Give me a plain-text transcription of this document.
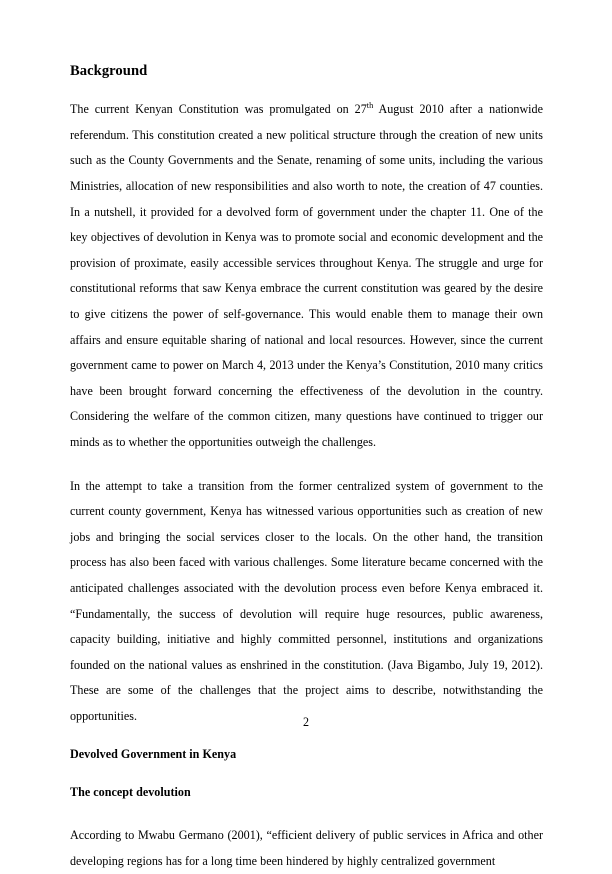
Background

The current Kenyan Constitution was promulgated on 27th August 2010 after a nationwide referendum. This constitution created a new political structure through the creation of new units such as the County Governments and the Senate, renaming of some units, including the various Ministries, allocation of new responsibilities and also worth to note, the creation of 47 counties. In a nutshell, it provided for a devolved form of government under the chapter 11. One of the key objectives of devolution in Kenya was to promote social and economic development and the provision of proximate, easily accessible services throughout Kenya. The struggle and urge for constitutional reforms that saw Kenya embrace the current constitution was geared by the desire to give citizens the power of self-governance. This would enable them to manage their own affairs and ensure equitable sharing of national and local resources. However, since the current government came to power on March 4, 2013 under the Kenya’s Constitution, 2010 many critics have been brought forward concerning the effectiveness of the devolution in the country. Considering the welfare of the common citizen, many questions have continued to trigger our minds as to whether the opportunities outweigh the challenges.

In the attempt to take a transition from the former centralized system of government to the current county government, Kenya has witnessed various opportunities such as creation of new jobs and bringing the social services closer to the locals. On the other hand, the transition process has also been faced with various challenges. Some literature became concerned with the anticipated challenges associated with the devolution process even before Kenya embraced it. “Fundamentally, the success of devolution will require huge resources, public awareness, capacity building, initiative and highly committed personnel, institutions and organizations founded on the national values as enshrined in the constitution. (Java Bigambo, July 19, 2012). These are some of the challenges that the project aims to describe, notwithstanding the opportunities.

Devolved Government in Kenya
The concept devolution

According to Mwabu Germano (2001), “efficient delivery of public services in Africa and other developing regions has for a long time been hindered by highly centralized government

2
